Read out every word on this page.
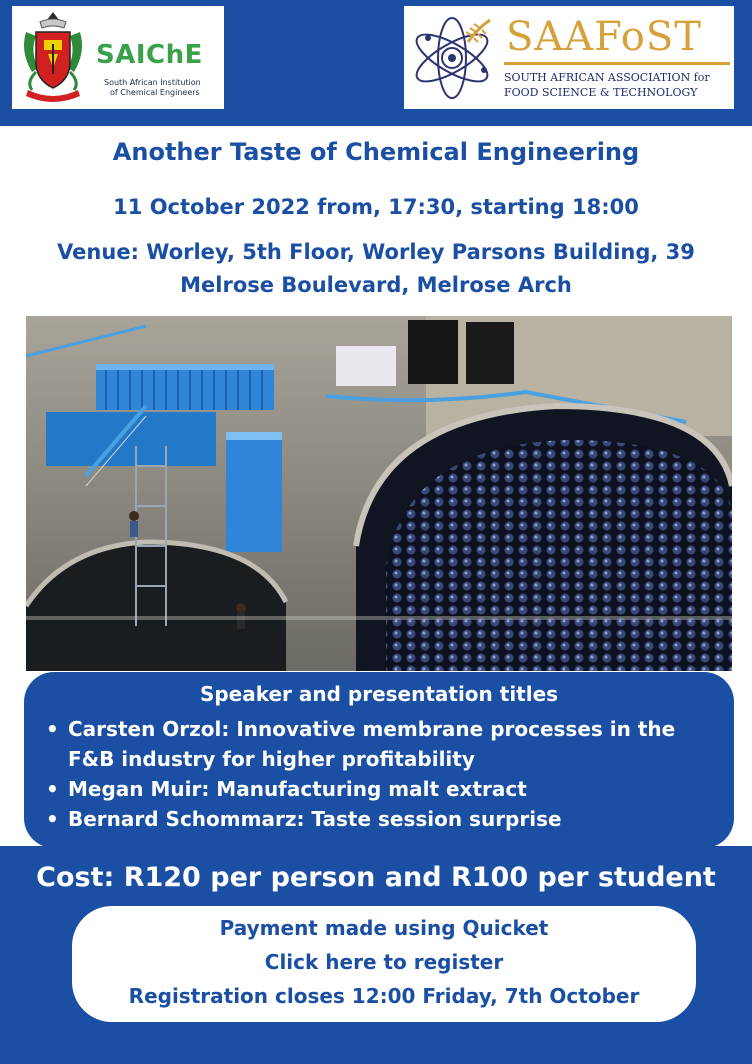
SAIChE
South African Institution
of Chemical Engineers
SAAFoST
SOUTH AFRICAN ASSOCIATION for
FOOD SCIENCE & TECHNOLOGY
Another Taste of Chemical Engineering
11 October 2022 from, 17:30, starting 18:00
Venue: Worley, 5th Floor, Worley Parsons Building, 39
Melrose Boulevard, Melrose Arch
Speaker and presentation titles
• Carsten Orzol: Innovative membrane processes in the
F&B industry for higher profitability
• Megan Muir: Manufacturing malt extract
• Bernard Schommarz: Taste session surprise
Cost: R120 per person and R100 per student
Payment made using Quicket
Click here to register
Registration closes 12:00 Friday, 7th October
